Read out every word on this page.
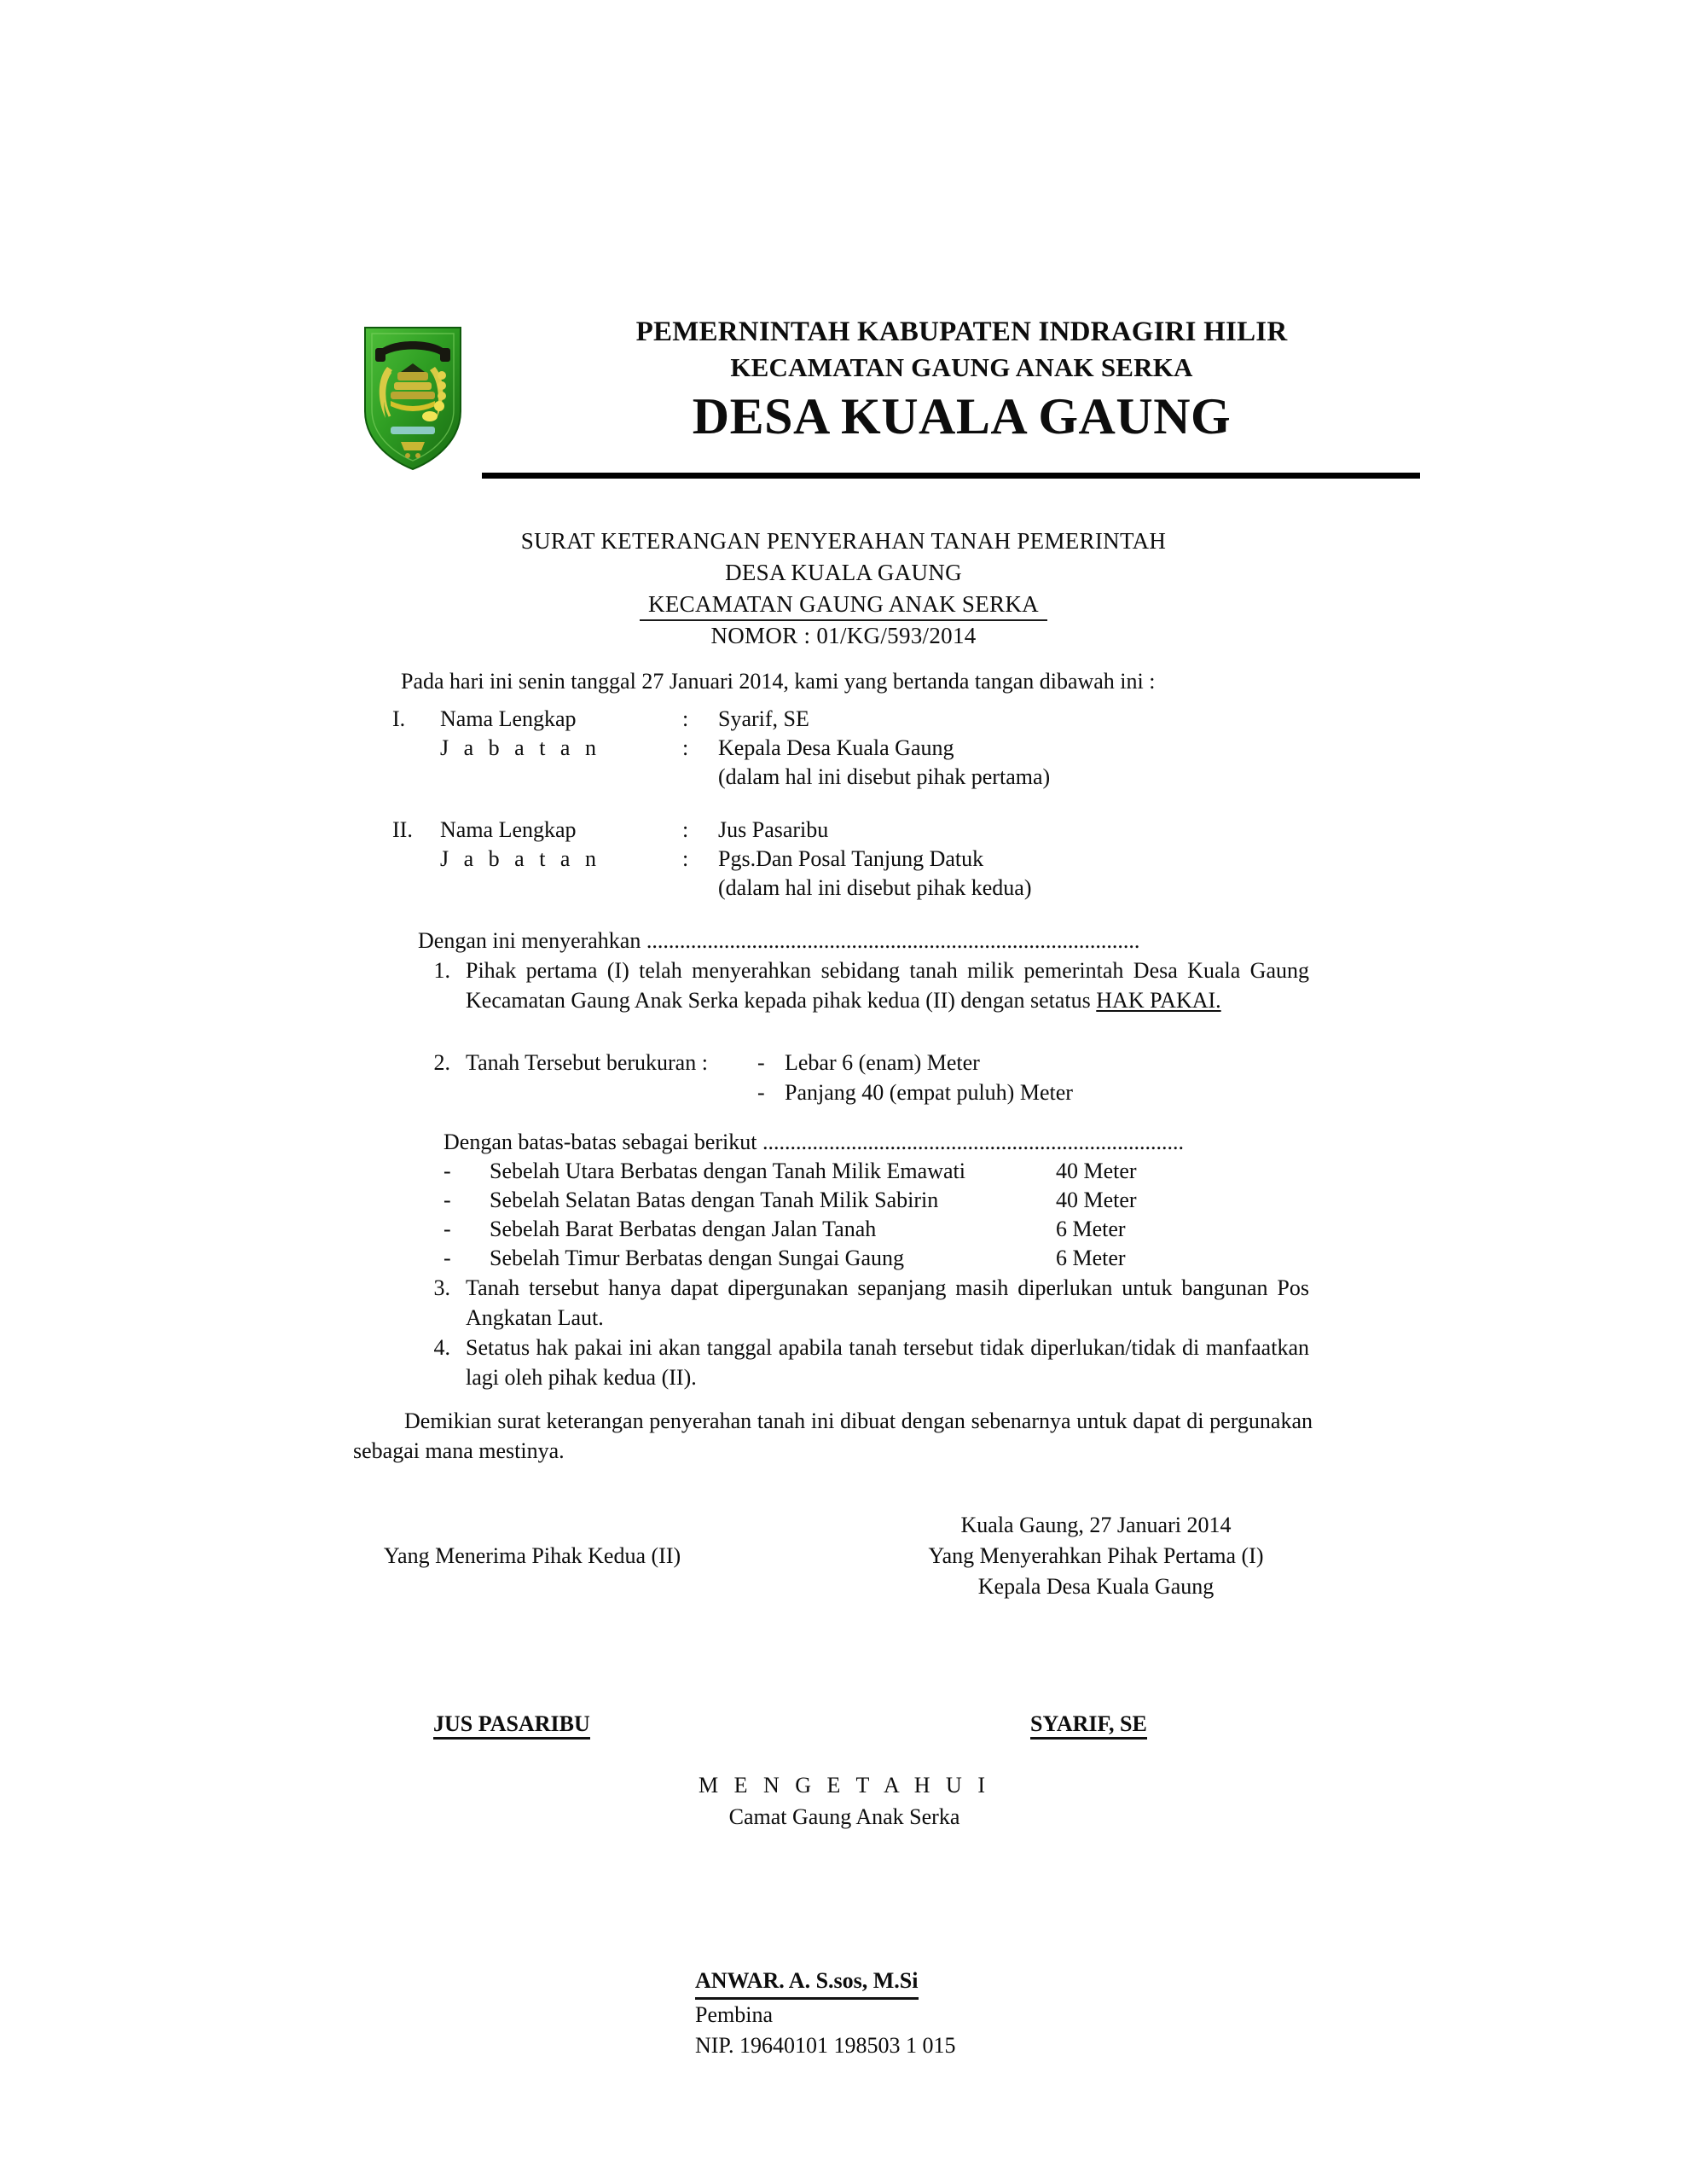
PEMERNINTAH KABUPATEN INDRAGIRI HILIR
KECAMATAN GAUNG ANAK SERKA
DESA KUALA GAUNG
SURAT KETERANGAN PENYERAHAN TANAH PEMERINTAH
DESA KUALA GAUNG
KECAMATAN GAUNG ANAK SERKA
NOMOR : 01/KG/593/2014
Pada hari ini senin tanggal 27 Januari 2014, kami yang bertanda tangan dibawah ini :
I.	Nama Lengkap	: Syarif, SE
J a b a t a n	: Kepala Desa Kuala Gaung
(dalam hal ini disebut pihak pertama)
II.	Nama Lengkap	: Jus Pasaribu
J a b a t a n	: Pgs.Dan Posal Tanjung Datuk
(dalam hal ini disebut pihak kedua)
Dengan ini menyerahkan .........................................................................................
1. Pihak pertama (I) telah menyerahkan sebidang tanah milik pemerintah Desa Kuala Gaung Kecamatan Gaung Anak Serka kepada pihak kedua (II) dengan setatus HAK PAKAI.
2. Tanah Tersebut berukuran :	- Lebar 6 (enam) Meter
- Panjang 40 (empat puluh) Meter
Dengan batas-batas sebagai berikut ............................................................................
- Sebelah Utara Berbatas dengan Tanah Milik Emawati	40 Meter
- Sebelah Selatan Batas dengan Tanah Milik Sabirin	40 Meter
- Sebelah Barat Berbatas dengan Jalan Tanah	6 Meter
- Sebelah Timur Berbatas dengan Sungai Gaung	6 Meter
3. Tanah tersebut hanya dapat dipergunakan sepanjang masih diperlukan untuk bangunan Pos Angkatan Laut.
4. Setatus hak pakai ini akan tanggal apabila tanah tersebut tidak diperlukan/tidak di manfaatkan lagi oleh pihak kedua (II).
Demikian surat keterangan penyerahan tanah ini dibuat dengan sebenarnya untuk dapat di pergunakan sebagai mana mestinya.
Yang Menerima Pihak Kedua (II)
Kuala Gaung, 27 Januari 2014
Yang Menyerahkan Pihak Pertama (I)
Kepala Desa Kuala Gaung
JUS PASARIBU	SYARIF, SE
M E N G E T A H U I
Camat Gaung Anak Serka
ANWAR. A. S.sos, M.Si
Pembina
NIP. 19640101 198503 1 015
